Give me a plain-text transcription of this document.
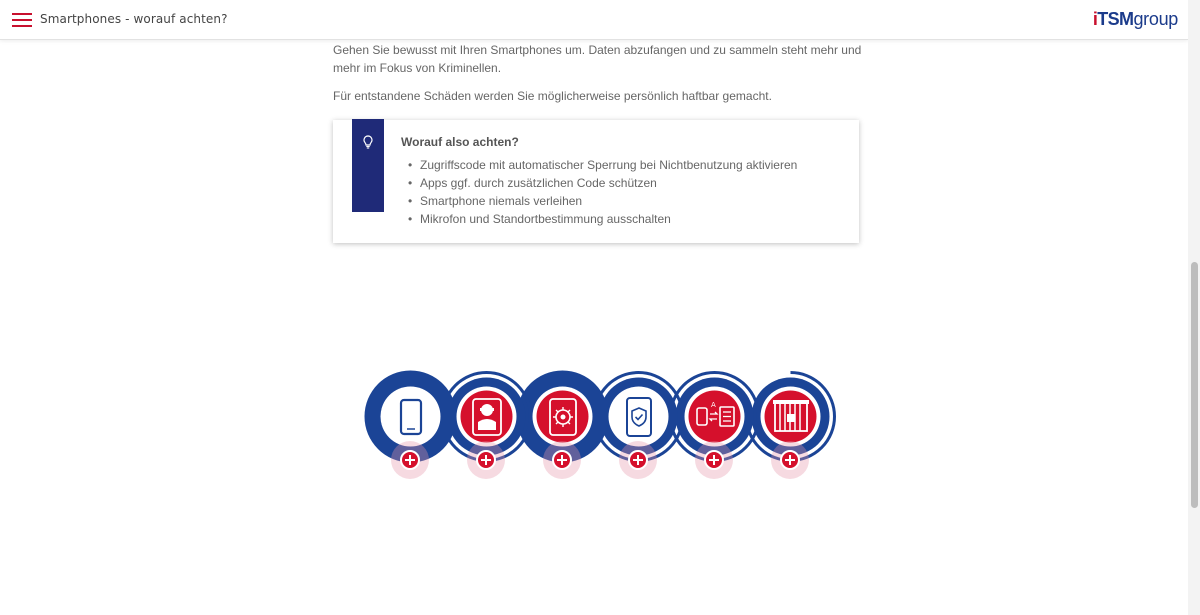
Smartphones - worauf achten?	iTSMgroup

Gehen Sie bewusst mit Ihren Smartphones um. Daten abzufangen und zu sammeln steht mehr und mehr im Fokus von Kriminellen.

Für entstandene Schäden werden Sie möglicherweise persönlich haftbar gemacht.

Worauf also achten?
• Zugriffscode mit automatischer Sperrung bei Nichtbenutzung aktivieren
• Apps ggf. durch zusätzlichen Code schützen
• Smartphone niemals verleihen
• Mikrofon und Standortbestimmung ausschalten
A
